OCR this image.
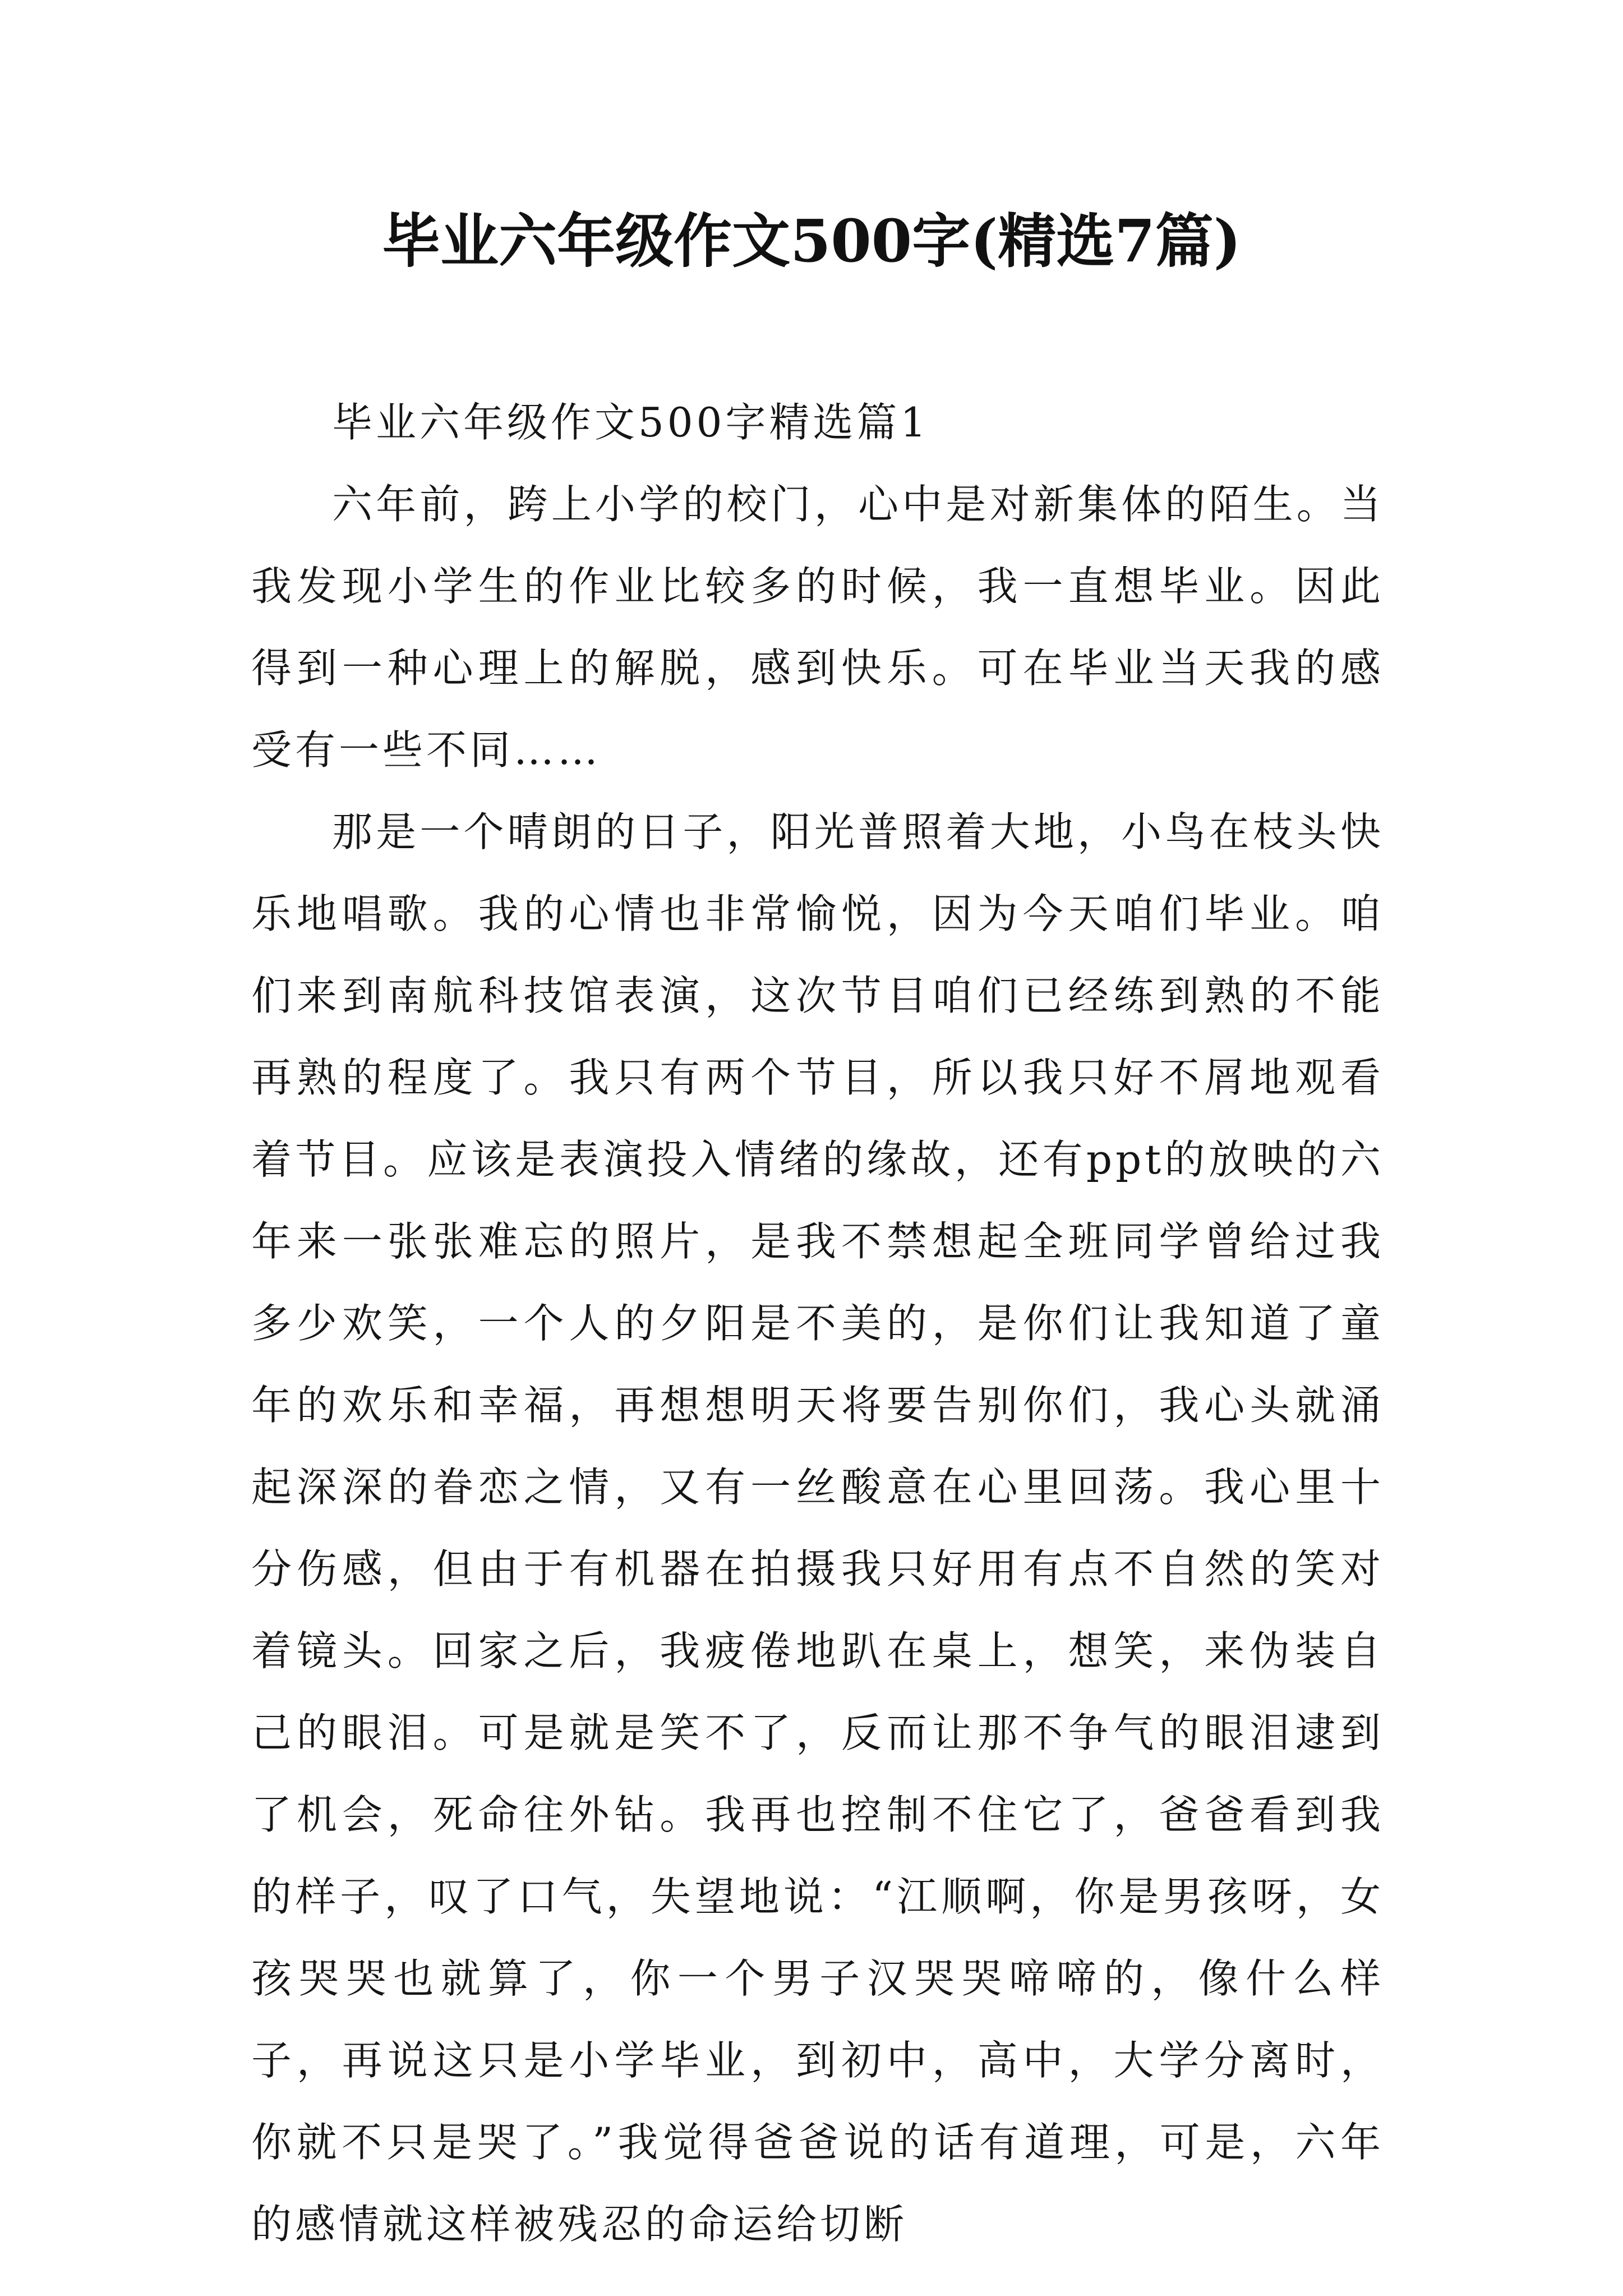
毕业六年级作文500字(精选7篇)
毕业六年级作文500字精选篇1

六年前，跨上小学的校门，心中是对新集体的陌生。当我发现小学生的作业比较多的时候，我一直想毕业。因此得到一种心理上的解脱，感到快乐。可在毕业当天我的感受有一些不同……

那是一个晴朗的日子，阳光普照着大地，小鸟在枝头快乐地唱歌。我的心情也非常愉悦，因为今天咱们毕业。咱们来到南航科技馆表演，这次节目咱们已经练到熟的不能再熟的程度了。我只有两个节目，所以我只好不屑地观看着节目。应该是表演投入情绪的缘故，还有ppt的放映的六年来一张张难忘的照片，是我不禁想起全班同学曾给过我多少欢笑，一个人的夕阳是不美的，是你们让我知道了童年的欢乐和幸福，再想想明天将要告别你们，我心头就涌起深深的眷恋之情，又有一丝酸意在心里回荡。我心里十分伤感，但由于有机器在拍摄我只好用有点不自然的笑对着镜头。回家之后，我疲倦地趴在桌上，想笑，来伪装自己的眼泪。可是就是笑不了，反而让那不争气的眼泪逮到了机会，死命往外钻。我再也控制不住它了，爸爸看到我的样子，叹了口气，失望地说：“江顺啊，你是男孩呀，女孩哭哭也就算了，你一个男子汉哭哭啼啼的，像什么样子，再说这只是小学毕业，到初中，高中，大学分离时，你就不只是哭了。”我觉得爸爸说的话有道理，可是，六年的感情就这样被残忍的命运给切断
